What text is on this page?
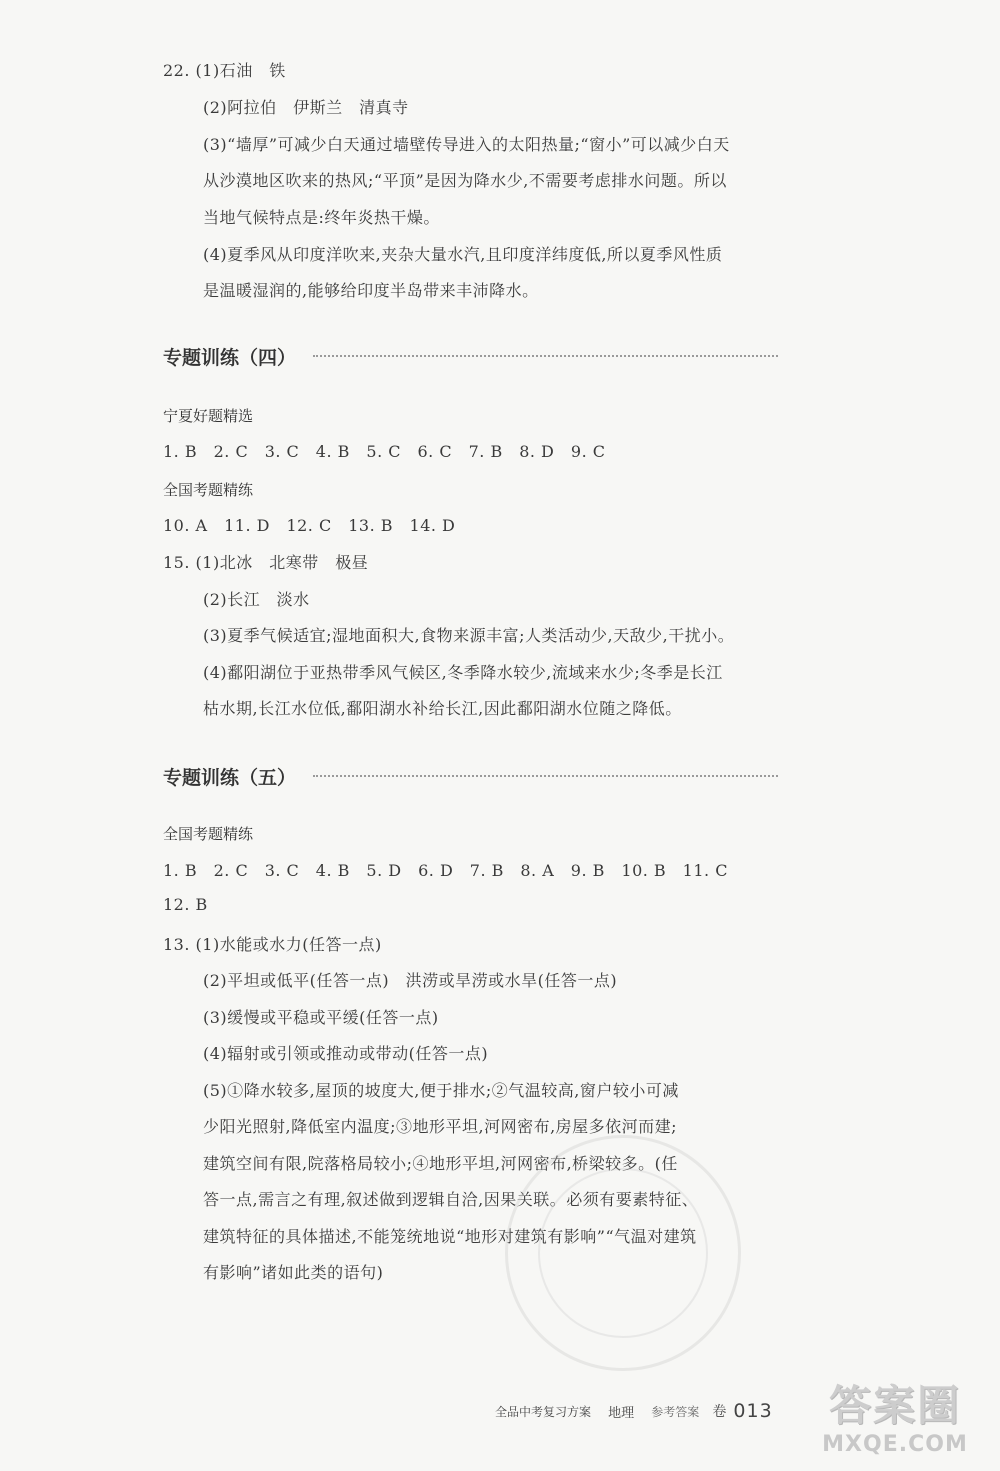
22. (1)石油　铁
(2)阿拉伯　伊斯兰　清真寺
(3)“墙厚”可减少白天通过墙壁传导进入的太阳热量;“窗小”可以减少白天
从沙漠地区吹来的热风;“平顶”是因为降水少,不需要考虑排水问题。所以
当地气候特点是:终年炎热干燥。
(4)夏季风从印度洋吹来,夹杂大量水汽,且印度洋纬度低,所以夏季风性质
是温暖湿润的,能够给印度半岛带来丰沛降水。
专题训练（四）
宁夏好题精选
1. B　2. C　3. C　4. B　5. C　6. C　7. B　8. D　9. C
全国考题精练
10. A　11. D　12. C　13. B　14. D
15. (1)北冰　北寒带　极昼
(2)长江　淡水
(3)夏季气候适宜;湿地面积大,食物来源丰富;人类活动少,天敌少,干扰小。
(4)鄱阳湖位于亚热带季风气候区,冬季降水较少,流域来水少;冬季是长江
枯水期,长江水位低,鄱阳湖水补给长江,因此鄱阳湖水位随之降低。
专题训练（五）
全国考题精练
1. B　2. C　3. C　4. B　5. D　6. D　7. B　8. A　9. B　10. B　11. C
12. B
13. (1)水能或水力(任答一点)
(2)平坦或低平(任答一点)　洪涝或旱涝或水旱(任答一点)
(3)缓慢或平稳或平缓(任答一点)
(4)辐射或引领或推动或带动(任答一点)
(5)①降水较多,屋顶的坡度大,便于排水;②气温较高,窗户较小可减
少阳光照射,降低室内温度;③地形平坦,河网密布,房屋多依河而建;
建筑空间有限,院落格局较小;④地形平坦,河网密布,桥梁较多。(任
答一点,需言之有理,叙述做到逻辑自洽,因果关联。必须有要素特征、
建筑特征的具体描述,不能笼统地说“地形对建筑有影响”“气温对建筑
有影响”诸如此类的语句)
全品中考复习方案 地理 参考答案 卷 013	答案圈
MXQE.COM
